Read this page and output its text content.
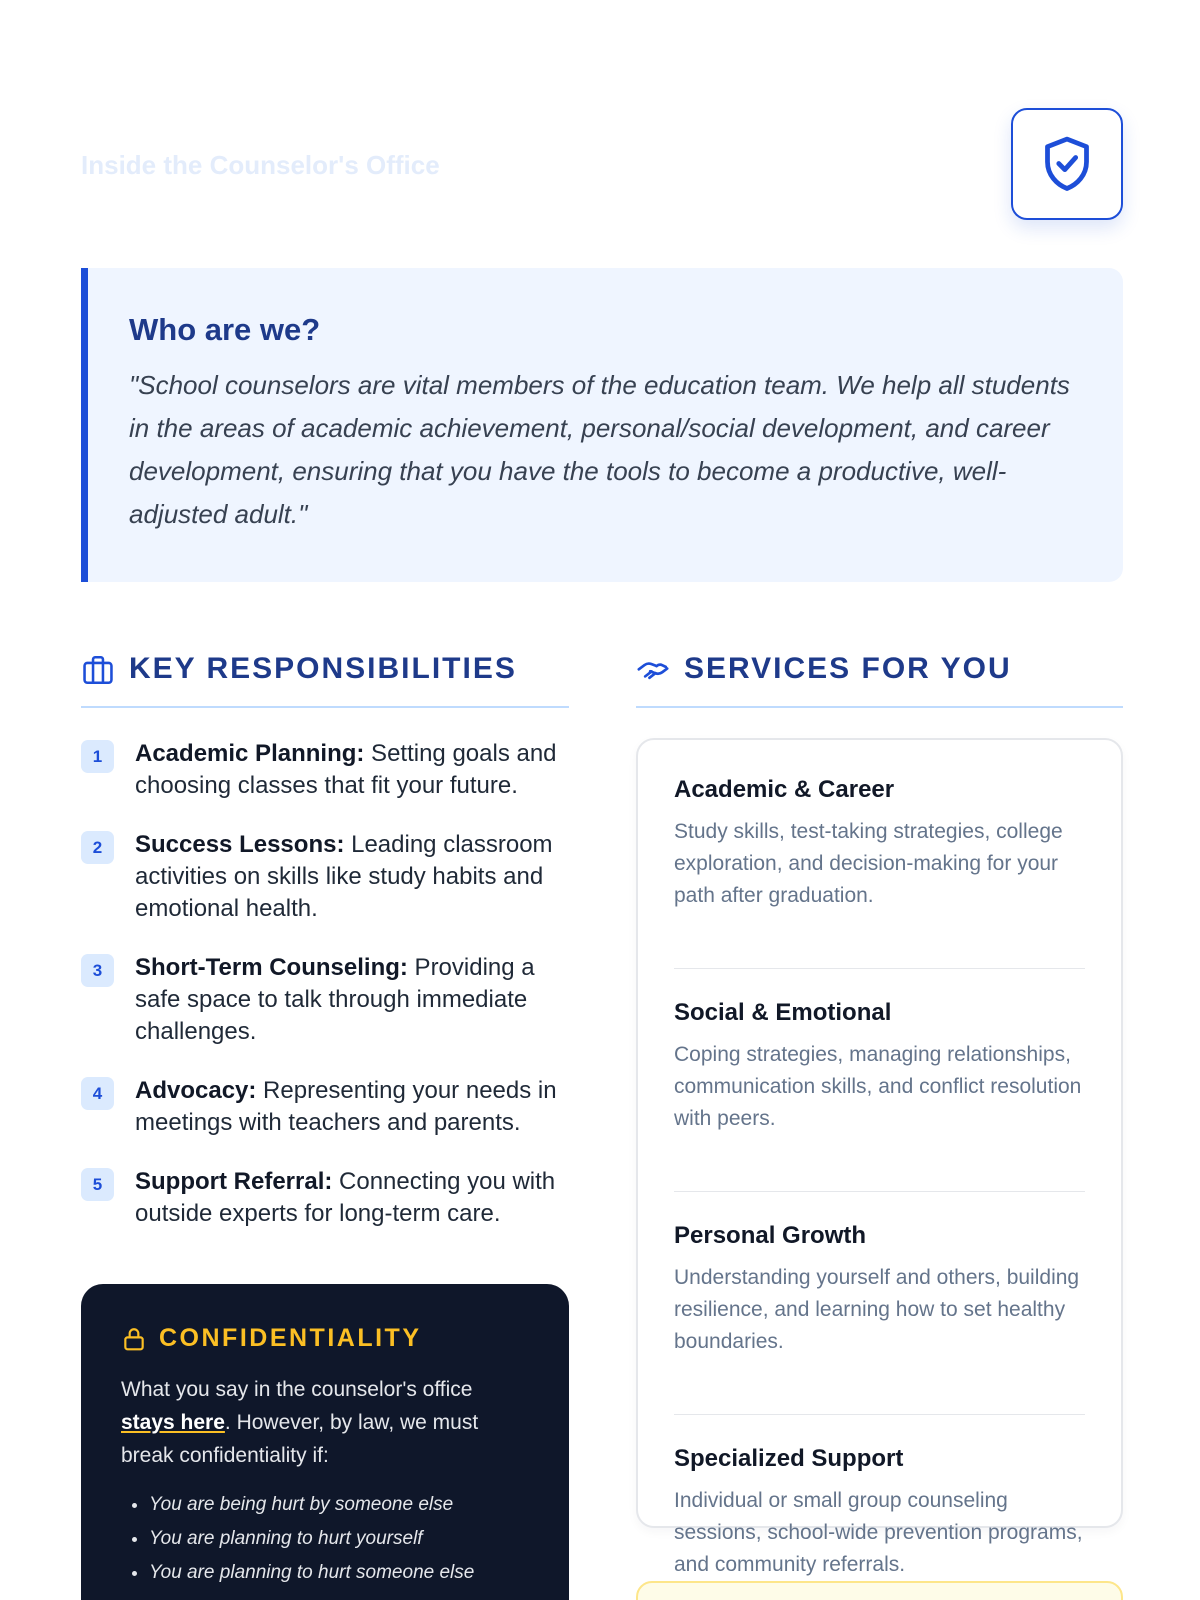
Inside the Counselor's Office
Who are we?

"School counselors are vital members of the education team. We help all students in the areas of academic achievement, personal/social development, and career development, ensuring that you have the tools to become a productive, well-adjusted adult."

KEY RESPONSIBILITIES
1	Academic Planning: Setting goals and choosing classes that fit your future.
2	Success Lessons: Leading classroom activities on skills like study habits and emotional health.
3	Short-Term Counseling: Providing a safe space to talk through immediate challenges.
4	Advocacy: Representing your needs in meetings with teachers and parents.
5	Support Referral: Connecting you with outside experts for long-term care.
CONFIDENTIALITY

What you say in the counselor's office stays here. However, by law, we must break confidentiality if:

• You are being hurt by someone else
• You are planning to hurt yourself
• You are planning to hurt someone else
SERVICES FOR YOU
Academic & Career

Study skills, test-taking strategies, college exploration, and decision-making for your path after graduation.

Social & Emotional

Coping strategies, managing relationships, communication skills, and conflict resolution with peers.

Personal Growth

Understanding yourself and others, building resilience, and learning how to set healthy boundaries.

Specialized Support

Individual or small group counseling sessions, school-wide prevention programs, and community referrals.
